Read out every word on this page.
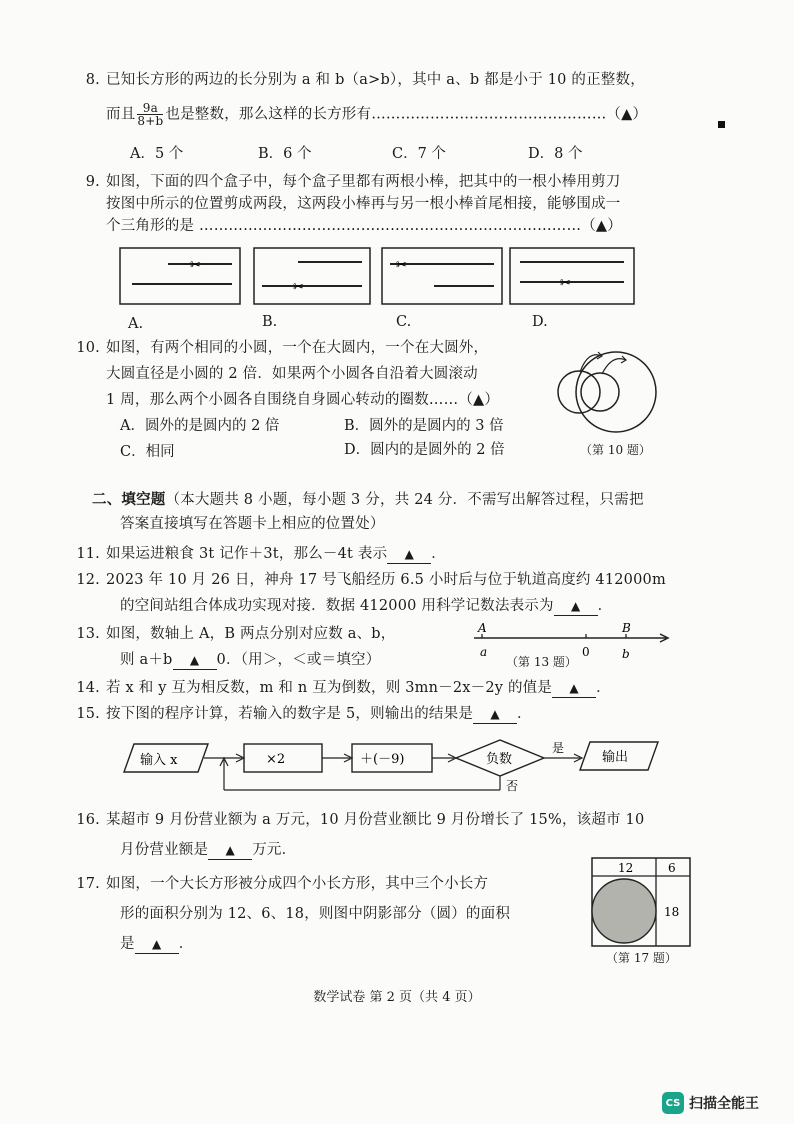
8. 已知长方形的两边的长分别为 a 和 b（a>b），其中 a、b 都是小于 10 的正整数，
而且 $\frac{9a}{8+b}$ 也是整数，那么这样的长方形有…………………………………………（▲）
A．5 个	B．6 个	C．7 个	D．8 个
9. 如图，下面的四个盒子中，每个盒子里都有两根小棒，把其中的一根小棒用剪刀
按图中所示的位置剪成两段，这两段小棒再与另一根小棒首尾相接，能够围成一
个三角形的是 ……………………………………………………………………（▲）
✂
✂
✂
✂
A.	B.	C.	D.
10. 如图，有两个相同的小圆，一个在大圆内，一个在大圆外，
大圆直径是小圆的 2 倍．如果两个小圆各自沿着大圆滚动
1 周，那么两个小圆各自围绕自身圆心转动的圈数……（▲）
A．圆外的是圆内的 2 倍	B．圆外的是圆内的 3 倍
C．相同	D．圆内的是圆外的 2 倍	（第 10 题）
二、填空题（本大题共 8 小题，每小题 3 分，共 24 分．不需写出解答过程，只需把
答案直接填写在答题卡上相应的位置处）
11. 如果运进粮食 3t 记作＋3t，那么－4t 表示 ▲ ．
12. 2023 年 10 月 26 日，神舟 17 号飞船经历 6.5 小时后与位于轨道高度约 412000m
的空间站组合体成功实现对接．数据 412000 用科学记数法表示为 ▲ ．
13. 如图，数轴上 A，B 两点分别对应数 a、b，
则 a＋b ▲ 0．（用＞，＜或＝填空）
A	B
a	0	b
（第 13 题）
14. 若 x 和 y 互为相反数，m 和 n 互为倒数，则 3mn－2x－2y 的值是 ▲ ．
15. 按下图的程序计算，若输入的数字是 5，则输出的结果是 ▲ ．
输入 x	×2	＋(－9)	负数
是
输出
否
16. 某超市 9 月份营业额为 a 万元，10 月份营业额比 9 月份增长了 15%，该超市 10
月份营业额是 ▲ 万元．
17. 如图，一个大长方形被分成四个小长方形，其中三个小长方
形的面积分别为 12、6、18，则图中阴影部分（圆）的面积
是 ▲ ．
12	6
18
（第 17 题）
数学试卷 第 2 页（共 4 页）
CS 扫描全能王
